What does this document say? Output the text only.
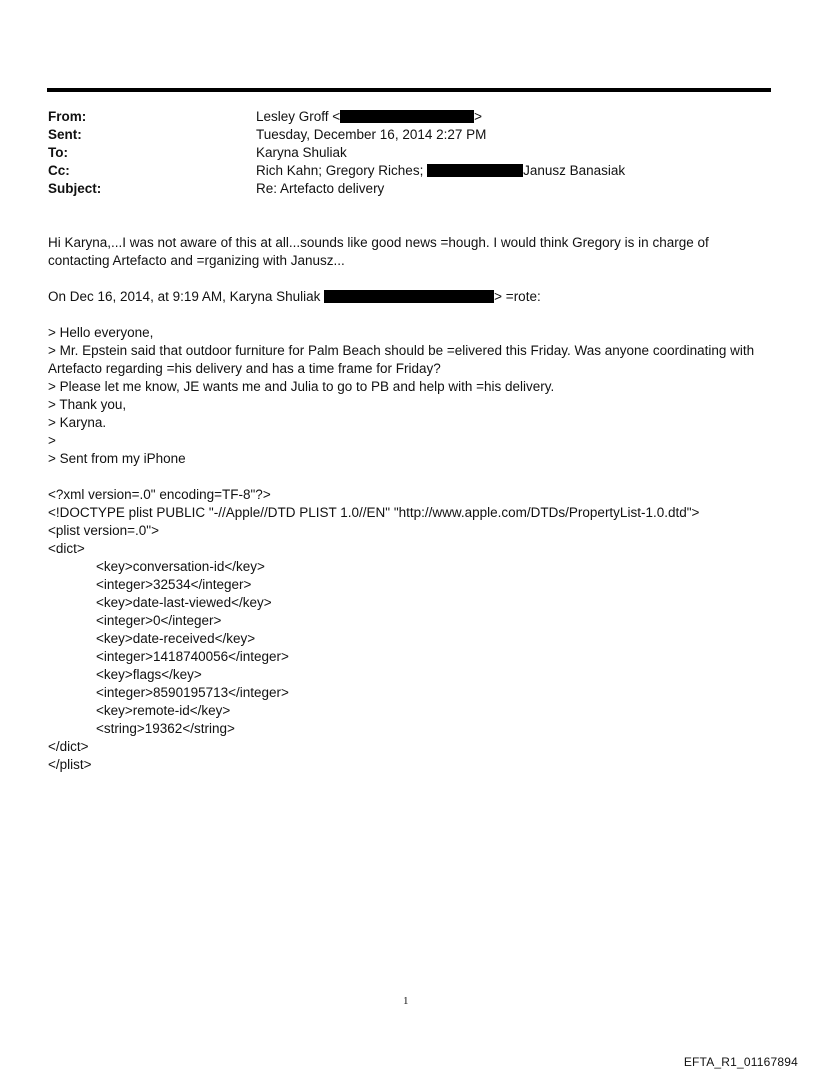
From:	Lesley Groff <	>
Sent:	Tuesday, December 16, 2014 2:27 PM
To:	Karyna Shuliak
Cc:	Rich Kahn; Gregory Riches;	Janusz Banasiak
Subject:	Re: Artefacto delivery
Hi Karyna,...I was not aware of this at all...sounds like good news =hough. I would think Gregory is in charge of contacting Artefacto and =rganizing with Janusz...
On Dec 16, 2014, at 9:19 AM, Karyna Shuliak	> =rote:
> Hello everyone,
> Mr. Epstein said that outdoor furniture for Palm Beach should be =elivered this Friday. Was anyone coordinating with Artefacto regarding =his delivery and has a time frame for Friday?
> Please let me know, JE wants me and Julia to go to PB and help with =his delivery.
> Thank you,
> Karyna.
>
> Sent from my iPhone
<?xml version=.0" encoding=TF-8"?>
<!DOCTYPE plist PUBLIC "-//Apple//DTD PLIST 1.0//EN" "http://www.apple.com/DTDs/PropertyList-1.0.dtd">
<plist version=.0">
<dict>
<key>conversation-id</key>
<integer>32534</integer>
<key>date-last-viewed</key>
<integer>0</integer>
<key>date-received</key>
<integer>1418740056</integer>
<key>flags</key>
<integer>8590195713</integer>
<key>remote-id</key>
<string>19362</string>
</dict>
</plist>
1
EFTA_R1_01167894
